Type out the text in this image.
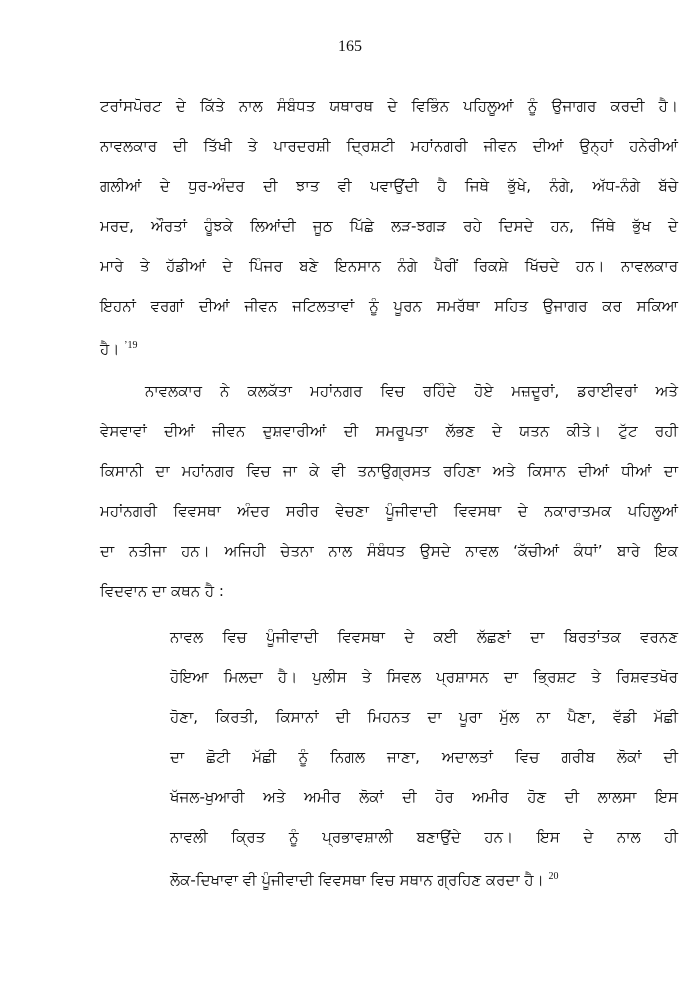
165
ਟਰਾਂਸਪੋਰਟ ਦੇ ਕਿੱਤੇ ਨਾਲ ਸੰਬੰਧਤ ਯਥਾਰਥ ਦੇ ਵਿਭਿੰਨ ਪਹਿਲੂਆਂ ਨੂੰ ਉਜਾਗਰ ਕਰਦੀ ਹੈ।
ਨਾਵਲਕਾਰ ਦੀ ਤਿੱਖੀ ਤੇ ਪਾਰਦਰਸ਼ੀ ਦ੍ਰਿਸ਼ਟੀ ਮਹਾਂਨਗਰੀ ਜੀਵਨ ਦੀਆਂ ਉਨ੍ਹਾਂ ਹਨੇਰੀਆਂ
ਗਲੀਆਂ ਦੇ ਧੁਰ-ਅੰਦਰ ਦੀ ਝਾਤ ਵੀ ਪਵਾਉਂਦੀ ਹੈ ਜਿਥੇ ਭੁੱਖੇ, ਨੰਗੇ, ਅੱਧ-ਨੰਗੇ ਬੱਚੇ
ਮਰਦ, ਔਰਤਾਂ ਹੂੰਝਕੇ ਲਿਆਂਦੀ ਜੂਠ ਪਿੱਛੇ ਲੜ-ਝਗੜ ਰਹੇ ਦਿਸਦੇ ਹਨ, ਜਿੱਥੇ ਭੁੱਖ ਦੇ
ਮਾਰੇ ਤੇ ਹੱਡੀਆਂ ਦੇ ਪਿੰਜਰ ਬਣੇ ਇਨਸਾਨ ਨੰਗੇ ਪੈਰੀਂ ਰਿਕਸ਼ੇ ਖਿੱਚਦੇ ਹਨ। ਨਾਵਲਕਾਰ
ਇਹਨਾਂ ਵਰਗਾਂ ਦੀਆਂ ਜੀਵਨ ਜਟਿਲਤਾਵਾਂ ਨੂੰ ਪੂਰਨ ਸਮਰੱਥਾ ਸਹਿਤ ਉਜਾਗਰ ਕਰ ਸਕਿਆ
ਹੈ। $^{’19}$
ਨਾਵਲਕਾਰ ਨੇ ਕਲਕੱਤਾ ਮਹਾਂਨਗਰ ਵਿਚ ਰਹਿੰਦੇ ਹੋਏ ਮਜ਼ਦੂਰਾਂ, ਡਰਾਈਵਰਾਂ ਅਤੇ
ਵੇਸਵਾਵਾਂ ਦੀਆਂ ਜੀਵਨ ਦੁਸ਼ਵਾਰੀਆਂ ਦੀ ਸਮਰੂਪਤਾ ਲੱਭਣ ਦੇ ਯਤਨ ਕੀਤੇ। ਟੁੱਟ ਰਹੀ
ਕਿਸਾਨੀ ਦਾ ਮਹਾਂਨਗਰ ਵਿਚ ਜਾ ਕੇ ਵੀ ਤਨਾਉਗ੍ਰਸਤ ਰਹਿਣਾ ਅਤੇ ਕਿਸਾਨ ਦੀਆਂ ਧੀਆਂ ਦਾ
ਮਹਾਂਨਗਰੀ ਵਿਵਸਥਾ ਅੰਦਰ ਸਰੀਰ ਵੇਚਣਾ ਪੂੰਜੀਵਾਦੀ ਵਿਵਸਥਾ ਦੇ ਨਕਾਰਾਤਮਕ ਪਹਿਲੂਆਂ
ਦਾ ਨਤੀਜਾ ਹਨ। ਅਜਿਹੀ ਚੇਤਨਾ ਨਾਲ ਸੰਬੰਧਤ ਉਸਦੇ ਨਾਵਲ ‘ਕੱਚੀਆਂ ਕੰਧਾਂ’ ਬਾਰੇ ਇਕ
ਵਿਦਵਾਨ ਦਾ ਕਥਨ ਹੈ :
ਨਾਵਲ ਵਿਚ ਪੂੰਜੀਵਾਦੀ ਵਿਵਸਥਾ ਦੇ ਕਈ ਲੱਛਣਾਂ ਦਾ ਬਿਰਤਾਂਤਕ ਵਰਨਣ
ਹੋਇਆ ਮਿਲਦਾ ਹੈ। ਪੁਲੀਸ ਤੇ ਸਿਵਲ ਪ੍ਰਸ਼ਾਸਨ ਦਾ ਭ੍ਰਿਸ਼ਟ ਤੇ ਰਿਸ਼ਵਤਖੋਰ
ਹੋਣਾ, ਕਿਰਤੀ, ਕਿਸਾਨਾਂ ਦੀ ਮਿਹਨਤ ਦਾ ਪੂਰਾ ਮੁੱਲ ਨਾ ਪੈਣਾ, ਵੱਡੀ ਮੱਛੀ
ਦਾ ਛੋਟੀ ਮੱਛੀ ਨੂੰ ਨਿਗਲ ਜਾਣਾ, ਅਦਾਲਤਾਂ ਵਿਚ ਗਰੀਬ ਲੋਕਾਂ ਦੀ
ਖੱਜਲ-ਖੁਆਰੀ ਅਤੇ ਅਮੀਰ ਲੋਕਾਂ ਦੀ ਹੋਰ ਅਮੀਰ ਹੋਣ ਦੀ ਲਾਲਸਾ ਇਸ
ਨਾਵਲੀ ਕ੍ਰਿਤ ਨੂੰ ਪ੍ਰਭਾਵਸ਼ਾਲੀ ਬਣਾਉਂਦੇ ਹਨ। ਇਸ ਦੇ ਨਾਲ ਹੀ
ਲੋਕ-ਦਿਖਾਵਾ ਵੀ ਪੂੰਜੀਵਾਦੀ ਵਿਵਸਥਾ ਵਿਚ ਸਥਾਨ ਗ੍ਰਹਿਣ ਕਰਦਾ ਹੈ। $^{20}$
